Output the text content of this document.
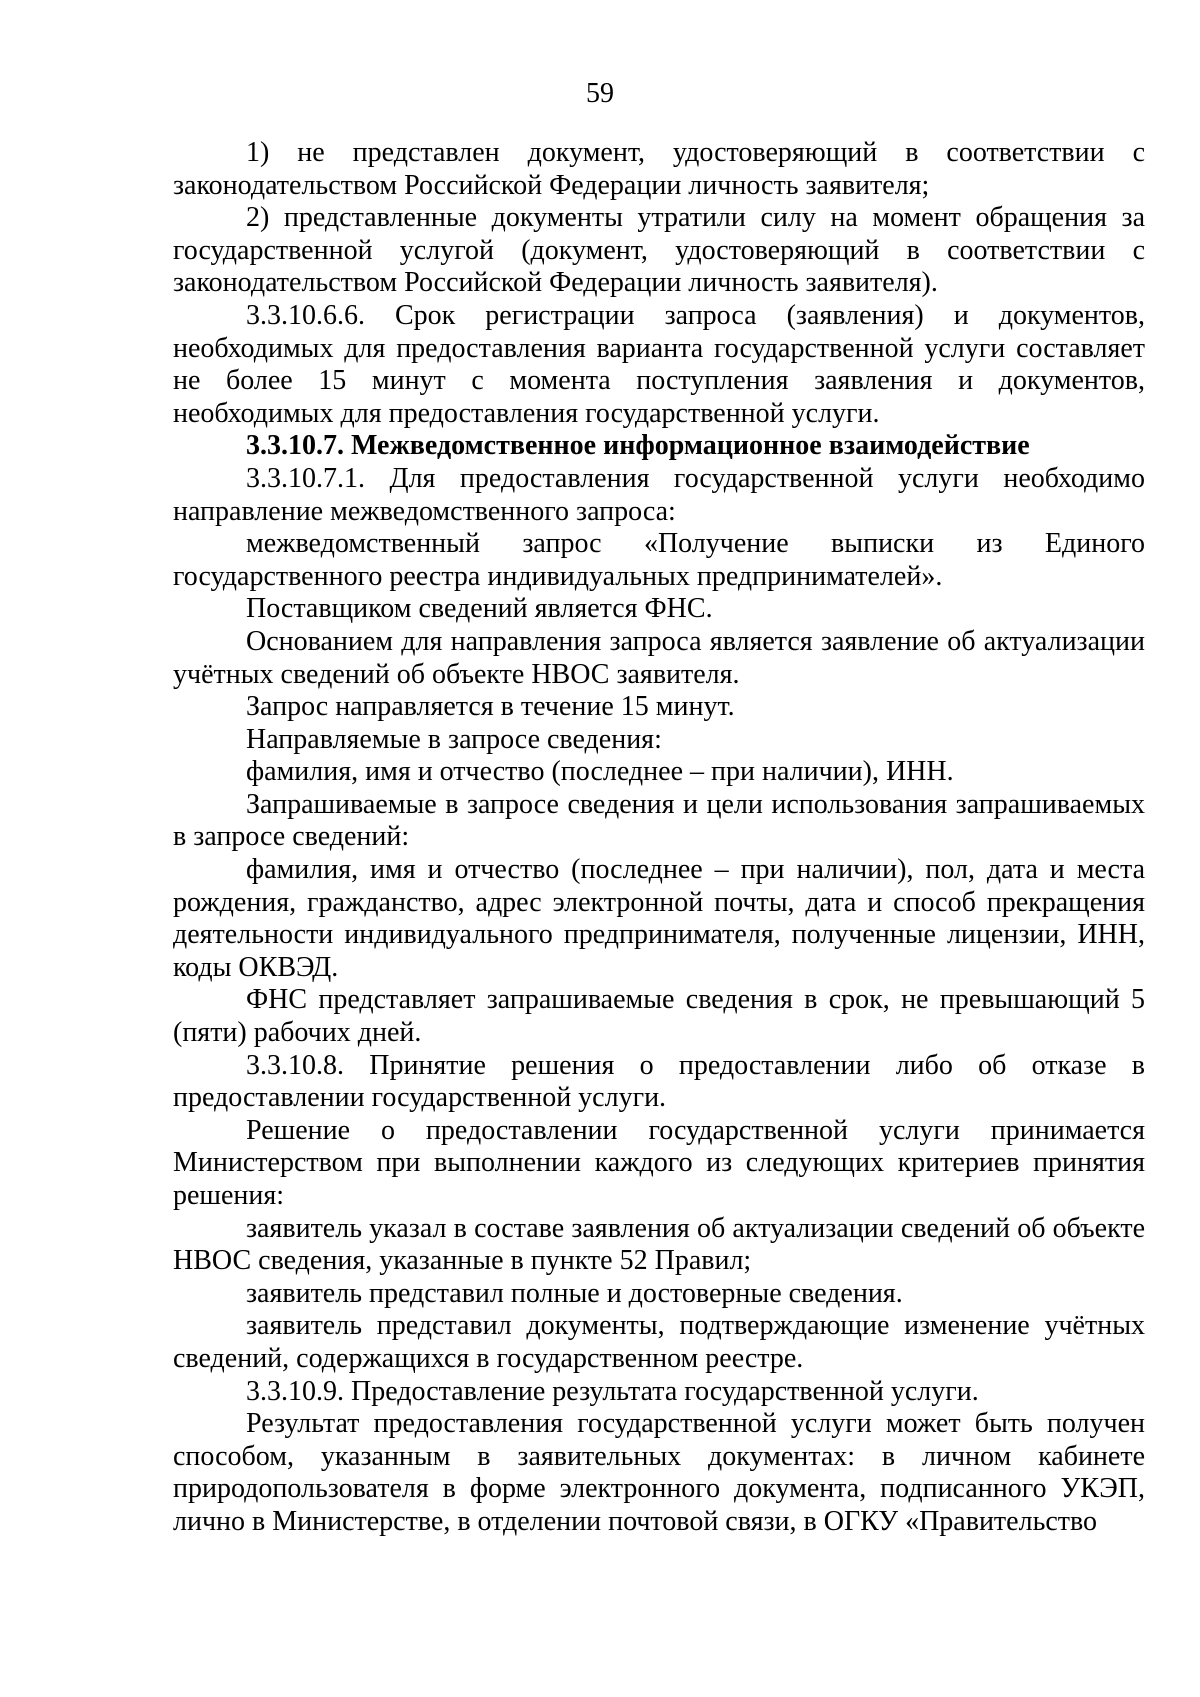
59

1) не представлен документ, удостоверяющий в соответствии с законодательством Российской Федерации личность заявителя;

2) представленные документы утратили силу на момент обращения за государственной услугой (документ, удостоверяющий в соответствии с законодательством Российской Федерации личность заявителя).

3.3.10.6.6. Срок регистрации запроса (заявления) и документов, необходимых для предоставления варианта государственной услуги составляет не более 15 минут с момента поступления заявления и документов, необходимых для предоставления государственной услуги.

3.3.10.7. Межведомственное информационное взаимодействие

3.3.10.7.1. Для предоставления государственной услуги необходимо направление межведомственного запроса:

межведомственный запрос «Получение выписки из Единого государственного реестра индивидуальных предпринимателей».

Поставщиком сведений является ФНС.

Основанием для направления запроса является заявление об актуализации учётных сведений об объекте НВОС заявителя.

Запрос направляется в течение 15 минут.

Направляемые в запросе сведения:

фамилия, имя и отчество (последнее – при наличии), ИНН.

Запрашиваемые в запросе сведения и цели использования запрашиваемых в запросе сведений:

фамилия, имя и отчество (последнее – при наличии), пол, дата и места рождения, гражданство, адрес электронной почты, дата и способ прекращения деятельности индивидуального предпринимателя, полученные лицензии, ИНН, коды ОКВЭД.

ФНС представляет запрашиваемые сведения в срок, не превышающий 5 (пяти) рабочих дней.

3.3.10.8. Принятие решения о предоставлении либо об отказе в предоставлении государственной услуги.

Решение о предоставлении государственной услуги принимается Министерством при выполнении каждого из следующих критериев принятия решения:

заявитель указал в составе заявления об актуализации сведений об объекте НВОС сведения, указанные в пункте 52 Правил;

заявитель представил полные и достоверные сведения.

заявитель представил документы, подтверждающие изменение учётных сведений, содержащихся в государственном реестре.

3.3.10.9. Предоставление результата государственной услуги.

Результат предоставления государственной услуги может быть получен способом, указанным в заявительных документах: в личном кабинете природопользователя в форме электронного документа, подписанного УКЭП, лично в Министерстве, в отделении почтовой связи, в ОГКУ «Правительство
